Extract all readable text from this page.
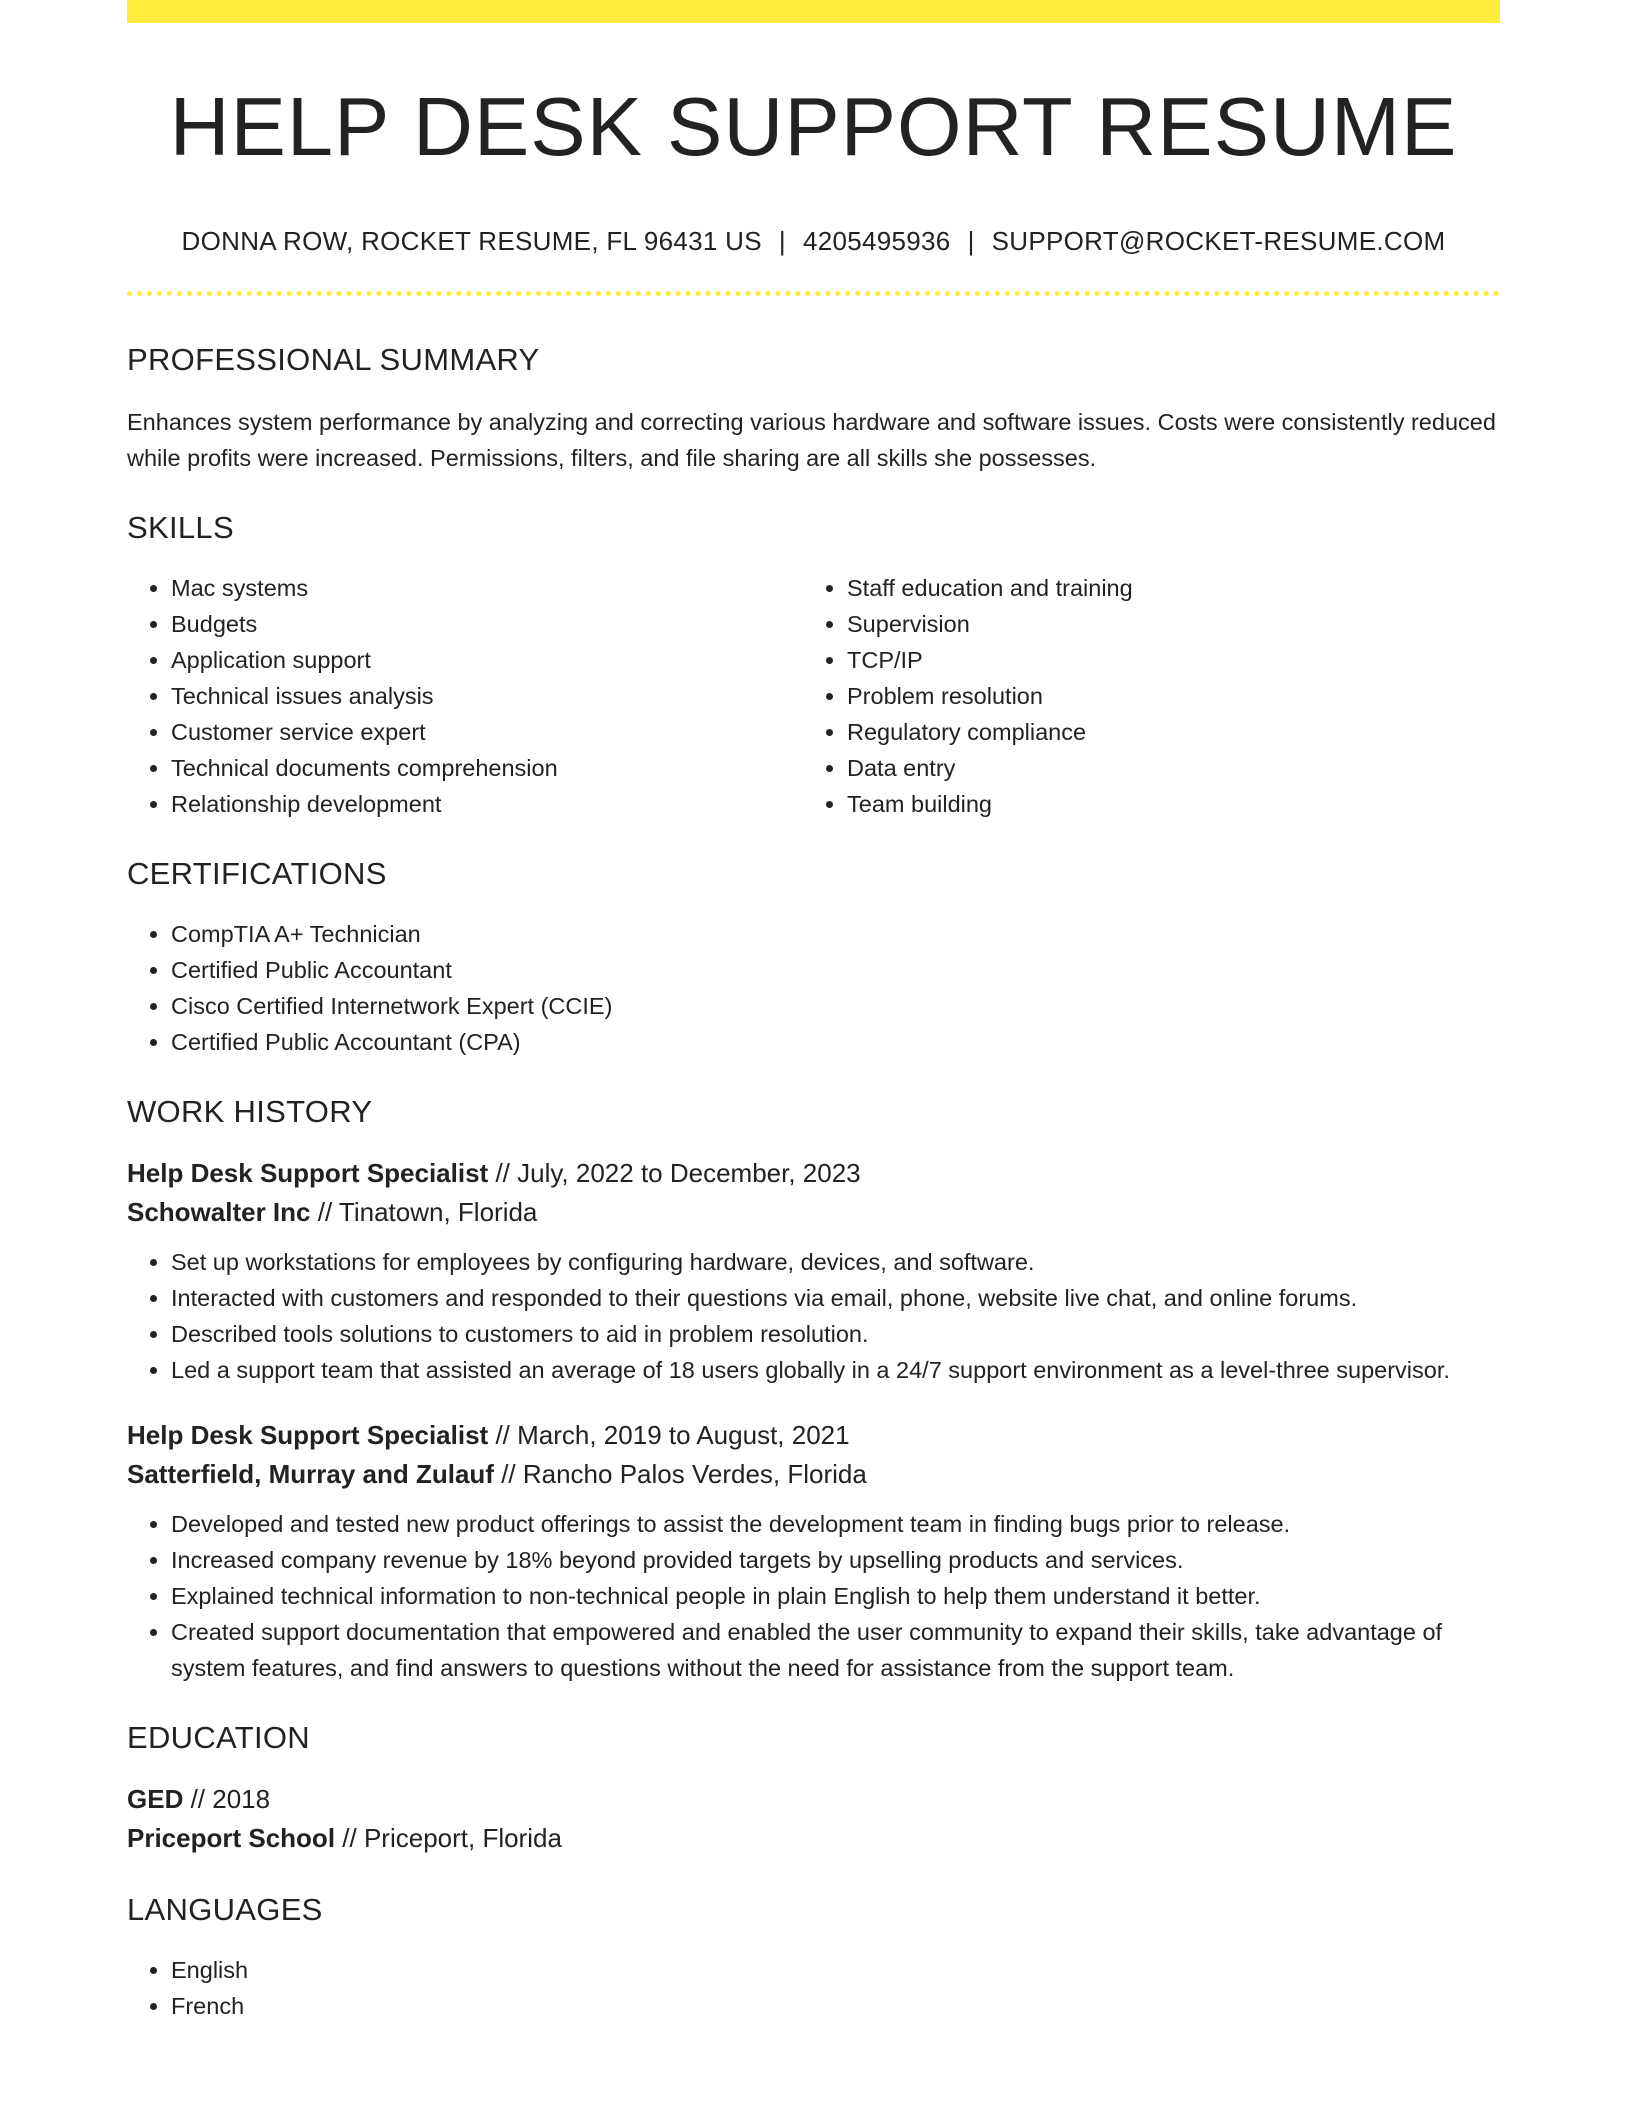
HELP DESK SUPPORT RESUME
DONNA ROW, ROCKET RESUME, FL 96431 US | 4205495936 | SUPPORT@ROCKET-RESUME.COM
PROFESSIONAL SUMMARY
Enhances system performance by analyzing and correcting various hardware and software issues. Costs were consistently reduced while profits were increased. Permissions, filters, and file sharing are all skills she possesses.
SKILLS
• Mac systems
• Budgets
• Application support
• Technical issues analysis
• Customer service expert
• Technical documents comprehension
• Relationship development
• Staff education and training
• Supervision
• TCP/IP
• Problem resolution
• Regulatory compliance
• Data entry
• Team building
CERTIFICATIONS
• CompTIA A+ Technician
• Certified Public Accountant
• Cisco Certified Internetwork Expert (CCIE)
• Certified Public Accountant (CPA)
WORK HISTORY
Help Desk Support Specialist // July, 2022 to December, 2023
Schowalter Inc // Tinatown, Florida
• Set up workstations for employees by configuring hardware, devices, and software.
• Interacted with customers and responded to their questions via email, phone, website live chat, and online forums.
• Described tools solutions to customers to aid in problem resolution.
• Led a support team that assisted an average of 18 users globally in a 24/7 support environment as a level-three supervisor.
Help Desk Support Specialist // March, 2019 to August, 2021
Satterfield, Murray and Zulauf // Rancho Palos Verdes, Florida
• Developed and tested new product offerings to assist the development team in finding bugs prior to release.
• Increased company revenue by 18% beyond provided targets by upselling products and services.
• Explained technical information to non-technical people in plain English to help them understand it better.
• Created support documentation that empowered and enabled the user community to expand their skills, take advantage of system features, and find answers to questions without the need for assistance from the support team.
EDUCATION
GED // 2018
Priceport School // Priceport, Florida
LANGUAGES
• English
• French
